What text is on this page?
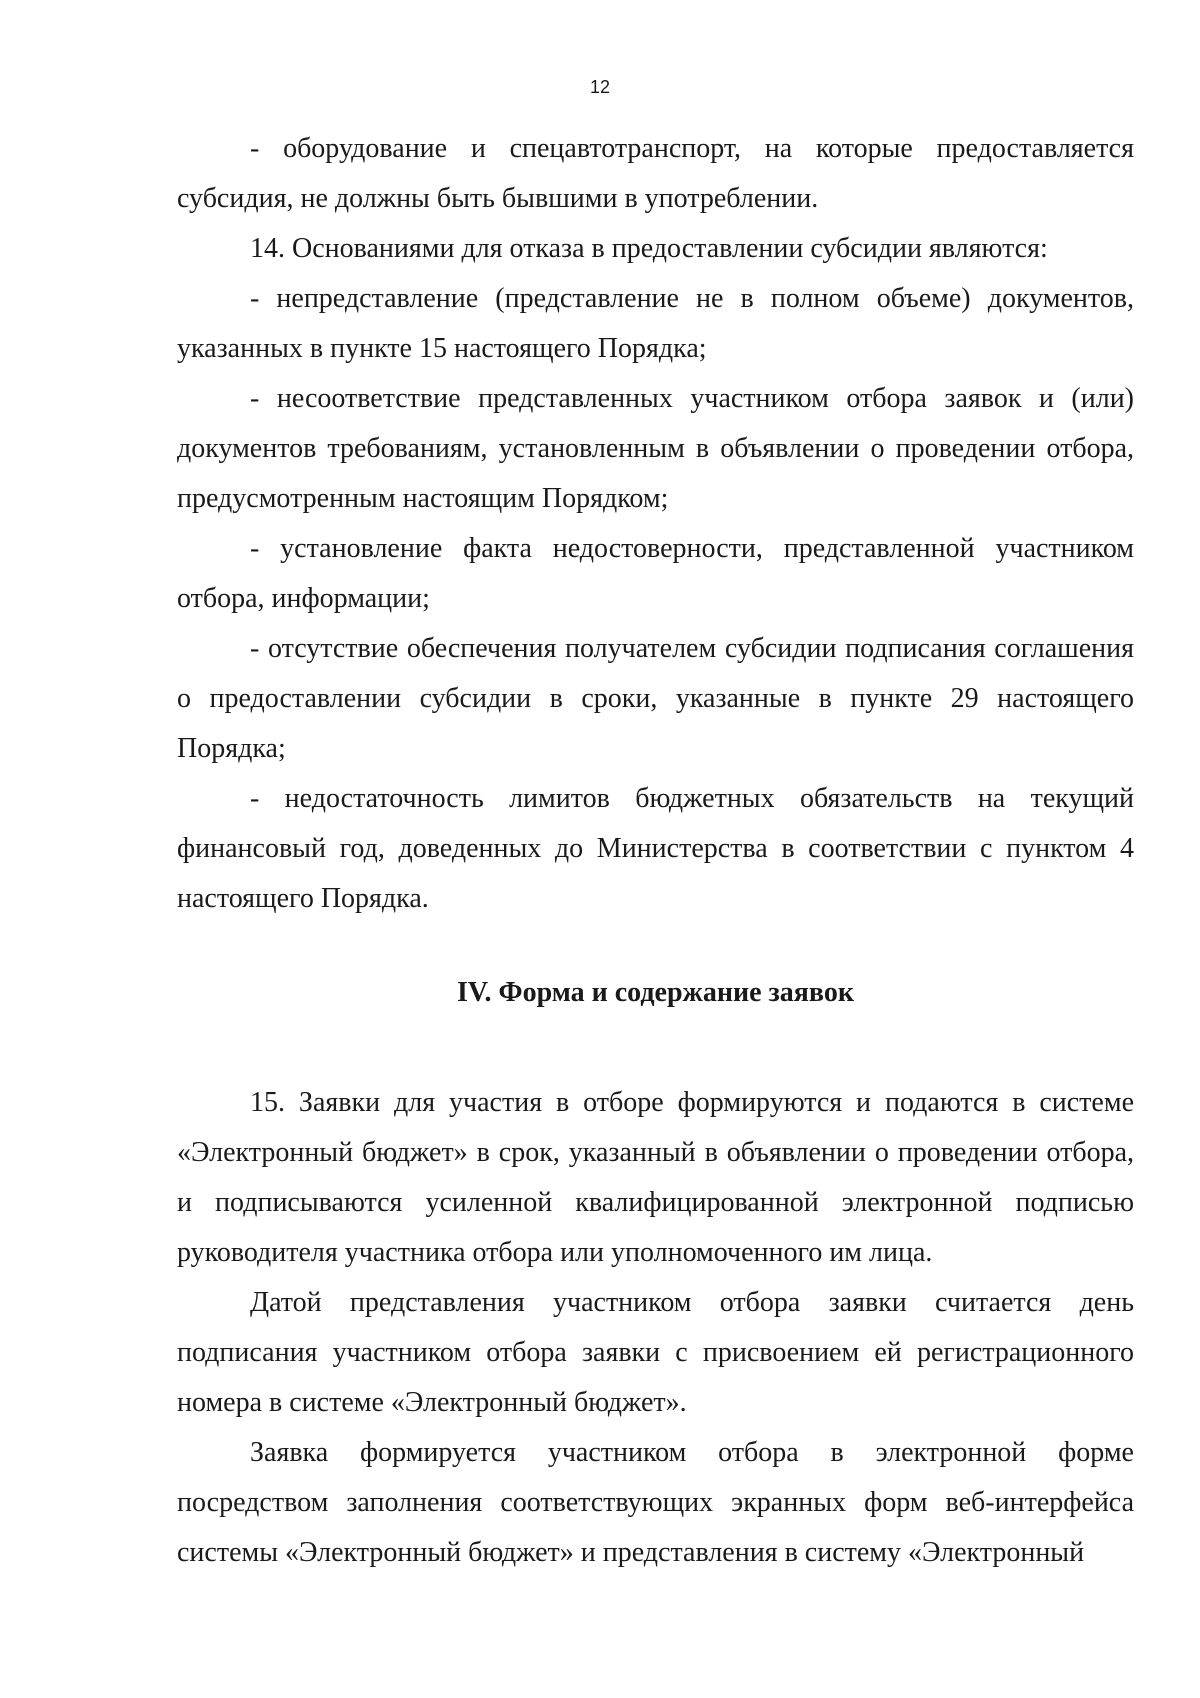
12

- оборудование и спецавтотранспорт, на которые предоставляется субсидия, не должны быть бывшими в употреблении.

14. Основаниями для отказа в предоставлении субсидии являются:

- непредставление (представление не в полном объеме) документов, указанных в пункте 15 настоящего Порядка;

- несоответствие представленных участником отбора заявок и (или) документов требованиям, установленным в объявлении о проведении отбора, предусмотренным настоящим Порядком;

- установление факта недостоверности, представленной участником отбора, информации;

- отсутствие обеспечения получателем субсидии подписания соглашения о предоставлении субсидии в сроки, указанные в пункте 29 настоящего Порядка;

- недостаточность лимитов бюджетных обязательств на текущий финансовый год, доведенных до Министерства в соответствии с пунктом 4 настоящего Порядка.

IV. Форма и содержание заявок

15. Заявки для участия в отборе формируются и подаются в системе «Электронный бюджет» в срок, указанный в объявлении о проведении отбора, и подписываются усиленной квалифицированной электронной подписью руководителя участника отбора или уполномоченного им лица.

Датой представления участником отбора заявки считается день подписания участником отбора заявки с присвоением ей регистрационного номера в системе «Электронный бюджет».

Заявка формируется участником отбора в электронной форме посредством заполнения соответствующих экранных форм веб-интерфейса системы «Электронный бюджет» и представления в систему «Электронный
